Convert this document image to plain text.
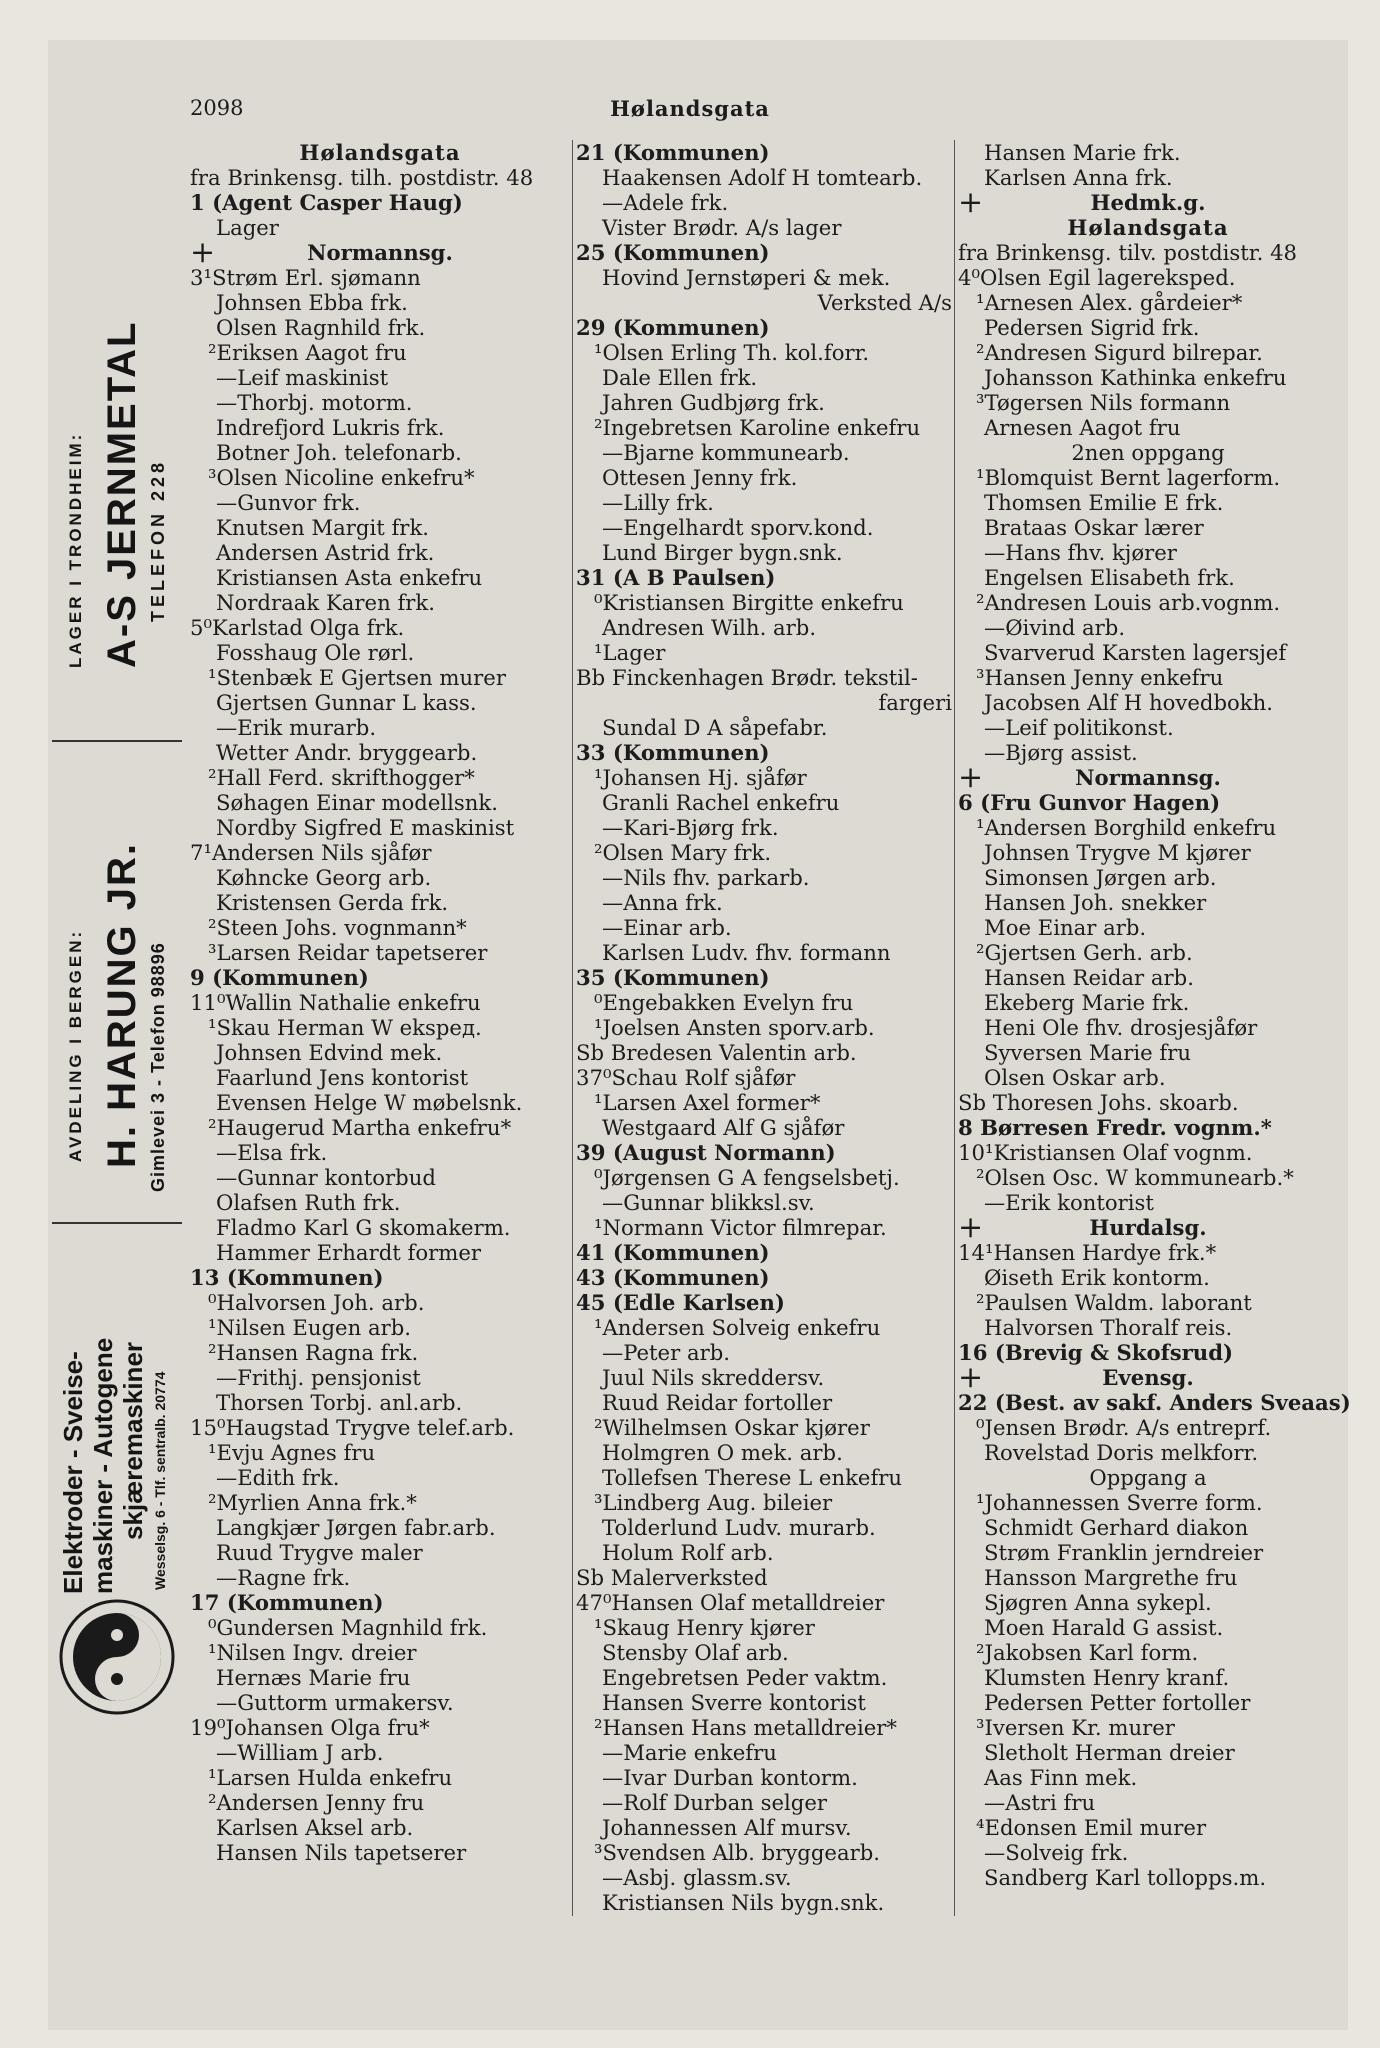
2098	Hølandsgata
LAGER I TRONDHEIM: A-S JERNMETAL TELEFON 228
AVDELING I BERGEN: H. HARUNG JR. Gimlevei 3 - Telefon 98896
Elektroder - Sveise- maskiner - Autogene skjæremaskiner Wesselsg. 6 - Tlf. sentralb. 20774
Hølandsgata
fra Brinkensg. tilh. postdistr. 48
1 (Agent Casper Haug)
Lager
Normannsg.
+
3¹Strøm Erl. sjømann
Johnsen Ebba frk.
Olsen Ragnhild frk.
²Eriksen Aagot fru
—Leif maskinist
—Thorbj. motorm.
Indrefjord Lukris frk.
Botner Joh. telefonarb.
³Olsen Nicoline enkefru*
—Gunvor frk.
Knutsen Margit frk.
Andersen Astrid frk.
Kristiansen Asta enkefru
Nordraak Karen frk.
5⁰Karlstad Olga frk.
Fosshaug Ole rørl.
¹Stenbæk E Gjertsen murer
Gjertsen Gunnar L kass.
—Erik murarb.
Wetter Andr. bryggearb.
²Hall Ferd. skrifthogger*
Søhagen Einar modellsnk.
Nordby Sigfred E maskinist
7¹Andersen Nils sjåfør
Køhncke Georg arb.
Kristensen Gerda frk.
²Steen Johs. vognmann*
³Larsen Reidar tapetserer
9 (Kommunen)
11⁰Wallin Nathalie enkefru
¹Skau Herman W ekspeд.
Johnsen Edvind mek.
Faarlund Jens kontorist
Evensen Helge W møbelsnk.
²Haugerud Martha enkefru*
—Elsa frk.
—Gunnar kontorbud
Olafsen Ruth frk.
Fladmo Karl G skomakerm.
Hammer Erhardt former
13 (Kommunen)
⁰Halvorsen Joh. arb.
¹Nilsen Eugen arb.
²Hansen Ragna frk.
—Frithj. pensjonist
Thorsen Torbj. anl.arb.
15⁰Haugstad Trygve telef.arb.
¹Evju Agnes fru
—Edith frk.
²Myrlien Anna frk.*
Langkjær Jørgen fabr.arb.
Ruud Trygve maler
—Ragne frk.
17 (Kommunen)
⁰Gundersen Magnhild frk.
¹Nilsen Ingv. dreier
Hernæs Marie fru
—Guttorm urmakersv.
19⁰Johansen Olga fru*
—William J arb.
¹Larsen Hulda enkefru
²Andersen Jenny fru
Karlsen Aksel arb.
Hansen Nils tapetserer
21 (Kommunen)
Haakensen Adolf H tomtearb.
—Adele frk.
Vister Brødr. A/s lager
25 (Kommunen)
Hovind Jernstøperi & mek.
Verksted A/s
29 (Kommunen)
¹Olsen Erling Th. kol.forr.
Dale Ellen frk.
Jahren Gudbjørg frk.
²Ingebretsen Karoline enkefru
—Bjarne kommunearb.
Ottesen Jenny frk.
—Lilly frk.
—Engelhardt sporv.kond.
Lund Birger bygn.snk.
31 (A B Paulsen)
⁰Kristiansen Birgitte enkefru
Andresen Wilh. arb.
¹Lager
Bb Finckenhagen Brødr. tekstil-
fargeri
Sundal D A såpefabr.
33 (Kommunen)
¹Johansen Hj. sjåfør
Granli Rachel enkefru
—Kari-Bjørg frk.
²Olsen Mary frk.
—Nils fhv. parkarb.
—Anna frk.
—Einar arb.
Karlsen Ludv. fhv. formann
35 (Kommunen)
⁰Engebakken Evelyn fru
¹Joelsen Ansten sporv.arb.
Sb Bredesen Valentin arb.
37⁰Schau Rolf sjåfør
¹Larsen Axel former*
Westgaard Alf G sjåfør
39 (August Normann)
⁰Jørgensen G A fengselsbetj.
—Gunnar blikksl.sv.
¹Normann Victor filmrepar.
41 (Kommunen)
43 (Kommunen)
45 (Edle Karlsen)
¹Andersen Solveig enkefru
—Peter arb.
Juul Nils skreddersv.
Ruud Reidar fortoller
²Wilhelmsen Oskar kjører
Holmgren O mek. arb.
Tollefsen Therese L enkefru
³Lindberg Aug. bileier
Tolderlund Ludv. murarb.
Holum Rolf arb.
Sb Malerverksted
47⁰Hansen Olaf metalldreier
¹Skaug Henry kjører
Stensby Olaf arb.
Engebretsen Peder vaktm.
Hansen Sverre kontorist
²Hansen Hans metalldreier*
—Marie enkefru
—Ivar Durban kontorm.
—Rolf Durban selger
Johannessen Alf mursv.
³Svendsen Alb. bryggearb.
—Asbj. glassm.sv.
Kristiansen Nils bygn.snk.
Hansen Marie frk.
Karlsen Anna frk.
Hedmk.g.
+
Hølandsgata
fra Brinkensg. tilv. postdistr. 48
4⁰Olsen Egil lagereksped.
¹Arnesen Alex. gårdeier*
Pedersen Sigrid frk.
²Andresen Sigurd bilrepar.
Johansson Kathinka enkefru
³Tøgersen Nils formann
Arnesen Aagot fru
2nen oppgang
¹Blomquist Bernt lagerform.
Thomsen Emilie E frk.
Brataas Oskar lærer
—Hans fhv. kjører
Engelsen Elisabeth frk.
²Andresen Louis arb.vognm.
—Øivind arb.
Svarverud Karsten lagersjef
³Hansen Jenny enkefru
Jacobsen Alf H hovedbokh.
—Leif politikonst.
—Bjørg assist.
Normannsg.
+
6 (Fru Gunvor Hagen)
¹Andersen Borghild enkefru
Johnsen Trygve M kjører
Simonsen Jørgen arb.
Hansen Joh. snekker
Moe Einar arb.
²Gjertsen Gerh. arb.
Hansen Reidar arb.
Ekeberg Marie frk.
Heni Ole fhv. drosjesjåfør
Syversen Marie fru
Olsen Oskar arb.
Sb Thoresen Johs. skoarb.
8 Børresen Fredr. vognm.*
10¹Kristiansen Olaf vognm.
²Olsen Osc. W kommunearb.*
—Erik kontorist
Hurdalsg.
+
14¹Hansen Hardye frk.*
Øiseth Erik kontorm.
²Paulsen Waldm. laborant
Halvorsen Thoralf reis.
16 (Brevig & Skofsrud)
Evensg.
+
22 (Best. av sakf. Anders Sveaas)
⁰Jensen Brødr. A/s entreprf.
Rovelstad Doris melkforr.
Oppgang a
¹Johannessen Sverre form.
Schmidt Gerhard diakon
Strøm Franklin jerndreier
Hansson Margrethe fru
Sjøgren Anna sykepl.
Moen Harald G assist.
²Jakobsen Karl form.
Klumsten Henry kranf.
Pedersen Petter fortoller
³Iversen Kr. murer
Sletholt Herman dreier
Aas Finn mek.
—Astri fru
⁴Edonsen Emil murer
—Solveig frk.
Sandberg Karl tollopps.m.
